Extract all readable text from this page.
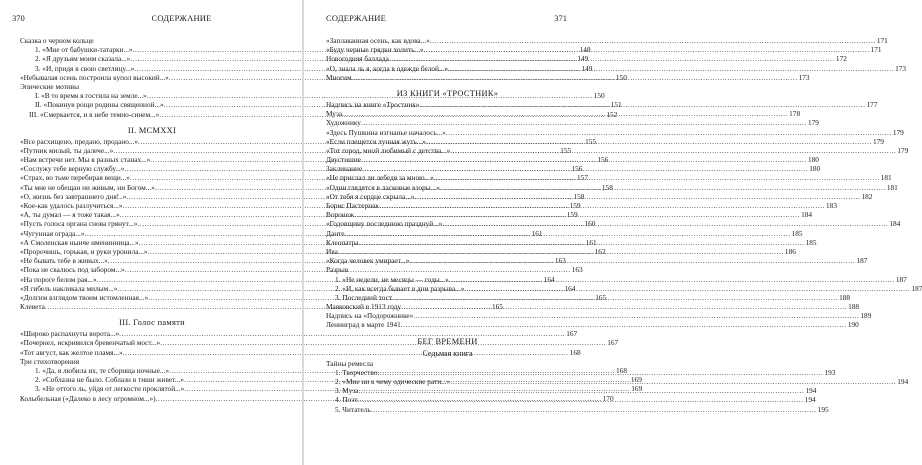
370	СОДЕРЖАНИЕ
Сказка о черном кольце
1. «Мне от бабушки-татарки...» .....	148
2. «Я друзьям моим сказала...» .....	149
3. «И, придя в свою светлицу...» .....	149
«Небывалая осень построила купол высокий...» .....	150
Эпические мотивы
I. «В то время я гостила на земле...» .....	150
II. «Покинув рощи родины священной...» .....	151
III. «Смеркается, и в небе темно-синем...» .....	152
II. MCMXXI
«Все расхищено, предано, продано...» .....	155
«Путник милый, ты далече...» .....	155
«Нам встречи нет. Мы в разных станах...» .....	156
«Сослужу тебе верную службу...» .....	156
«Страх, во тьме перебирая вещи...» .....	157
«Ты мне не обещан ни живым, ни Богом...» .....	158
«О, жизнь без завтрашнего дня!..» .....	158
«Кое-как удалось разлучиться...» .....	159
«А, ты думал — я тоже такая...» .....	159
«Пусть голоса органа снова грянут...» .....	160
«Чугунная ограда...» .....	161
«А Смоленская нынче именинница...» .....	161
«Пророчишь, горькая, и руки уронила...» .....	162
«Не бывать тебе в живых...» .....	163
«Пока не свалюсь под забором...» .....	163
«На пороге белом рая...» .....	164
«Я гибель накликала милым...» .....	164
«Долгим взглядом твоим истомленная...» .....	165
Клевета .....	165
III. Голос памяти
«Широко распахнуты ворота...» .....	167
«Почернел, искривился бревенчатый мост...» .....	167
«Тот август, как желтое пламя...» .....	168
Три стихотворения
1. «Да, я любила их, те сборища ночные...» .....	168
2. «Соблазна не было. Соблазн в тиши живет...» .....	169
3. «Не оттого ль, уйдя от легкости проклятой...» .....	169
Колыбельная («Далеко в лесу огромном...») .....	170
СОДЕРЖАНИЕ	371
«Заплаканная осень, как вдова...» .....	171
«Буду черные грядки холить...» .....	171
Новогодняя баллада .....	172
«О, знала ль я, когда в одежде белой...» .....	173
Многим .....	173
ИЗ КНИГИ «ТРОСТНИК»
Надпись на книге «Тростник» .....	177
Муза .....	178
Художнику .....	179
«Здесь Пушкина изгнанье началось...» .....	179
«Если плещется лунная жуть...» .....	179
«Тот город, мной любимый с детства...» .....	179
Двустишие .....	180
Заклинание .....	180
«Не прислал ли лебедя за мною...» .....	181
«Одни глядятся в ласковые взоры...» .....	181
«От тебя я сердце скрыла...» .....	182
Борис Пастернак .....	183
Воронеж .....	184
«Годовщину последнюю празднуй...» .....	184
Данте .....	185
Клеопатра .....	185
Ива .....	186
«Когда человек умирает...» .....	187
Разрыв
1. «Не недели, не месяцы — годы...» .....	187
2. «И, как всегда бывает в дни разрыва...» .....	187
3. Последний тост .....	188
Маяковский в 1913 году .....	188
Надпись на «Подорожнике» .....	189
Ленинград в марте 1941 .....	190
БЕГ ВРЕМЕНИ
Седьмая книга
Тайны ремесла
1. Творчество .....	193
2. «Мне ни к чему одические рати...» .....	194
3. Муза .....	194
4. Поэт .....	194
5. Читатель .....	195
